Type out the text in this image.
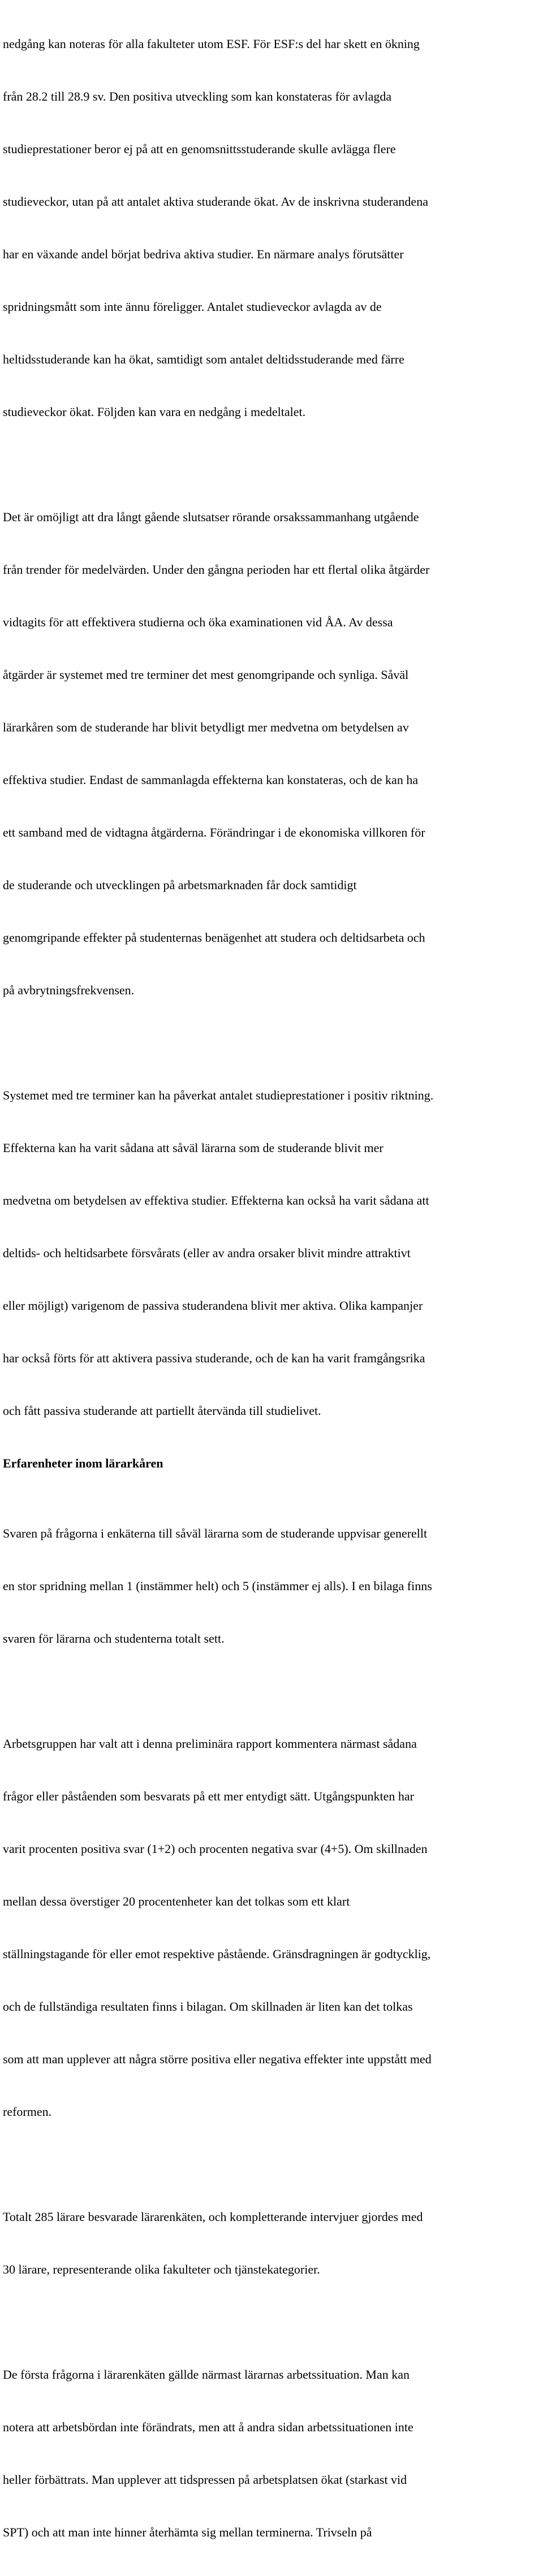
nedgång kan noteras för alla fakulteter utom ESF. För ESF:s del har skett en ökning

från 28.2 till 28.9 sv. Den positiva utveckling som kan konstateras för avlagda

studieprestationer beror ej på att en genomsnittsstuderande skulle avlägga flere

studieveckor, utan på att antalet aktiva studerande ökat. Av de inskrivna studerandena

har en växande andel börjat bedriva aktiva studier. En närmare analys förutsätter

spridningsmått som inte ännu föreligger. Antalet studieveckor avlagda av de

heltidsstuderande kan ha ökat, samtidigt som antalet deltidsstuderande med färre

studieveckor ökat. Följden kan vara en nedgång i medeltalet.

Det är omöjligt att dra långt gående slutsatser rörande orsakssammanhang utgående

från trender för medelvärden. Under den gångna perioden har ett flertal olika åtgärder

vidtagits för att effektivera studierna och öka examinationen vid ÅA. Av dessa

åtgärder är systemet med tre terminer det mest genomgripande och synliga. Såväl

lärarkåren som de studerande har blivit betydligt mer medvetna om betydelsen av

effektiva studier. Endast de sammanlagda effekterna kan konstateras, och de kan ha

ett samband med de vidtagna åtgärderna. Förändringar i de ekonomiska villkoren för

de studerande och utvecklingen på arbetsmarknaden får dock samtidigt

genomgripande effekter på studenternas benägenhet att studera och deltidsarbeta och

på avbrytningsfrekvensen.

Systemet med tre terminer kan ha påverkat antalet studieprestationer i positiv riktning.

Effekterna kan ha varit sådana att såväl lärarna som de studerande blivit mer

medvetna om betydelsen av effektiva studier. Effekterna kan också ha varit sådana att

deltids- och heltidsarbete försvårats (eller av andra orsaker blivit mindre attraktivt

eller möjligt) varigenom de passiva studerandena blivit mer aktiva. Olika kampanjer

har också förts för att aktivera passiva studerande, och de kan ha varit framgångsrika

och fått passiva studerande att partiellt återvända till studielivet.

Erfarenheter inom lärarkåren

Svaren på frågorna i enkäterna till såväl lärarna som de studerande uppvisar generellt

en stor spridning mellan 1 (instämmer helt) och 5 (instämmer ej alls). I en bilaga finns

svaren för lärarna och studenterna totalt sett.

Arbetsgruppen har valt att i denna preliminära rapport kommentera närmast sådana

frågor eller påståenden som besvarats på ett mer entydigt sätt. Utgångspunkten har

varit procenten positiva svar (1+2) och procenten negativa svar (4+5). Om skillnaden

mellan dessa överstiger 20 procentenheter kan det tolkas som ett klart

ställningstagande för eller emot respektive påstående. Gränsdragningen är godtycklig,

och de fullständiga resultaten finns i bilagan. Om skillnaden är liten kan det tolkas

som att man upplever att några större positiva eller negativa effekter inte uppstått med

reformen.

Totalt 285 lärare besvarade lärarenkäten, och kompletterande intervjuer gjordes med

30 lärare, representerande olika fakulteter och tjänstekategorier.

De första frågorna i lärarenkäten gällde närmast lärarnas arbetssituation. Man kan

notera att arbetsbördan inte förändrats, men att å andra sidan arbetssituationen inte

heller förbättrats. Man upplever att tidspressen på arbetsplatsen ökat (starkast vid

SPT) och att man inte hinner återhämta sig mellan terminerna. Trivseln på
